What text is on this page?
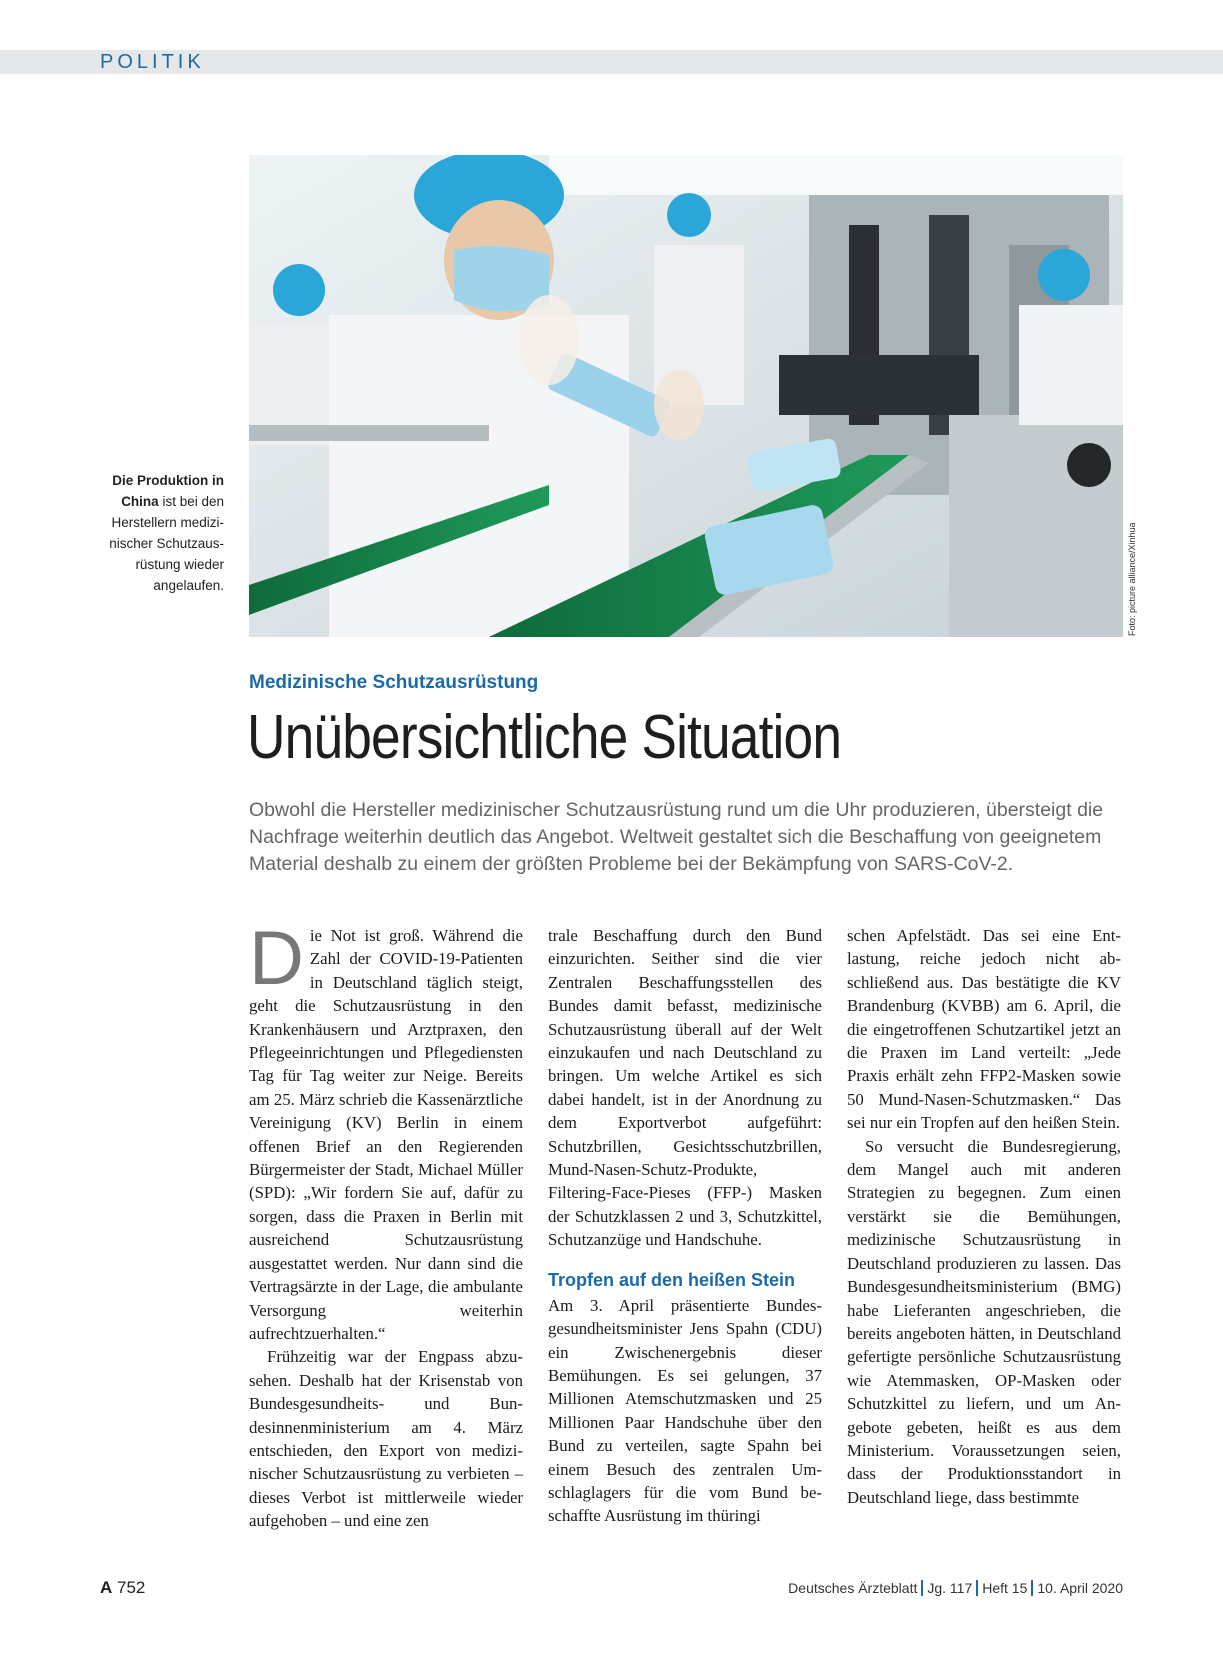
POLITIK
Foto: picture alliance/Xinhua
Die Produktion in China ist bei den Herstellern medizinischer Schutzausrüstung wieder angelaufen.
Medizinische Schutzausrüstung
Unübersichtliche Situation
Obwohl die Hersteller medizinischer Schutzausrüstung rund um die Uhr produzieren, übersteigt die Nachfrage weiterhin deutlich das Angebot. Weltweit gestaltet sich die Beschaffung von geeignetem Material deshalb zu einem der größten Probleme bei der Bekämpfung von SARS-CoV-2.
D ie Not ist groß. Während die Zahl der COVID-19-Patienten in Deutschland täglich steigt, geht die Schutzausrüstung in den Krankenhäusern und Arztpraxen, den Pflegeeinrichtungen und Pflegediensten Tag für Tag weiter zur Neige. Bereits am 25. März schrieb die Kassenärztliche Vereinigung (KV) Berlin in einem offenen Brief an den Regierenden Bürgermeister der Stadt, Michael Müller (SPD): „Wir fordern Sie auf, dafür zu sorgen, dass die Praxen in Berlin mit ausreichend Schutzausrüstung ausgestattet werden. Nur dann sind die Vertragsärzte in der Lage, die ambulante Versorgung weiterhin aufrechtzuerhalten.“

Frühzeitig war der Engpass abzusehen. Deshalb hat der Krisenstab von Bundesgesundheits- und Bundesinnenministerium am 4. März entschieden, den Export von medizinischer Schutzausrüstung zu verbieten – dieses Verbot ist mittlerweile wieder aufgehoben – und eine zen

trale Beschaffung durch den Bund einzurichten. Seither sind die vier Zentralen Beschaffungsstellen des Bundes damit befasst, medizinische Schutzausrüstung überall auf der Welt einzukaufen und nach Deutschland zu bringen. Um welche Artikel es sich dabei handelt, ist in der Anordnung zu dem Exportverbot aufgeführt: Schutzbrillen, Gesichtsschutzbrillen, Mund-Nasen-Schutz-Produkte, Filtering-Face-Pieses (FFP-) Masken der Schutzklassen 2 und 3, Schutzkittel, Schutzanzüge und Handschuhe.

Tropfen auf den heißen Stein

Am 3. April präsentierte Bundesgesundheitsminister Jens Spahn (CDU) ein Zwischenergebnis dieser Bemühungen. Es sei gelungen, 37 Millionen Atemschutzmasken und 25 Millionen Paar Handschuhe über den Bund zu verteilen, sagte Spahn bei einem Besuch des zentralen Umschlaglagers für die vom Bund beschaffte Ausrüstung im thüringi

schen Apfelstädt. Das sei eine Entlastung, reiche jedoch nicht abschließend aus. Das bestätigte die KV Brandenburg (KVBB) am 6. April, die die eingetroffenen Schutzartikel jetzt an die Praxen im Land verteilt: „Jede Praxis erhält zehn FFP2-Masken sowie 50 Mund-Nasen-Schutzmasken.“ Das sei nur ein Tropfen auf den heißen Stein.

So versucht die Bundesregierung, dem Mangel auch mit anderen Strategien zu begegnen. Zum einen verstärkt sie die Bemühungen, medizinische Schutzausrüstung in Deutschland produzieren zu lassen. Das Bundesgesundheitsministerium (BMG) habe Lieferanten angeschrieben, die bereits angeboten hätten, in Deutschland gefertigte persönliche Schutzausrüstung wie Atemmasken, OP-Masken oder Schutzkittel zu liefern, und um Angebote gebeten, heißt es aus dem Ministerium. Voraussetzungen seien, dass der Produktionsstandort in Deutschland liege, dass bestimmte

A 752	Deutsches Ärzteblatt Jg. 117 Heft 15 10. April 2020
